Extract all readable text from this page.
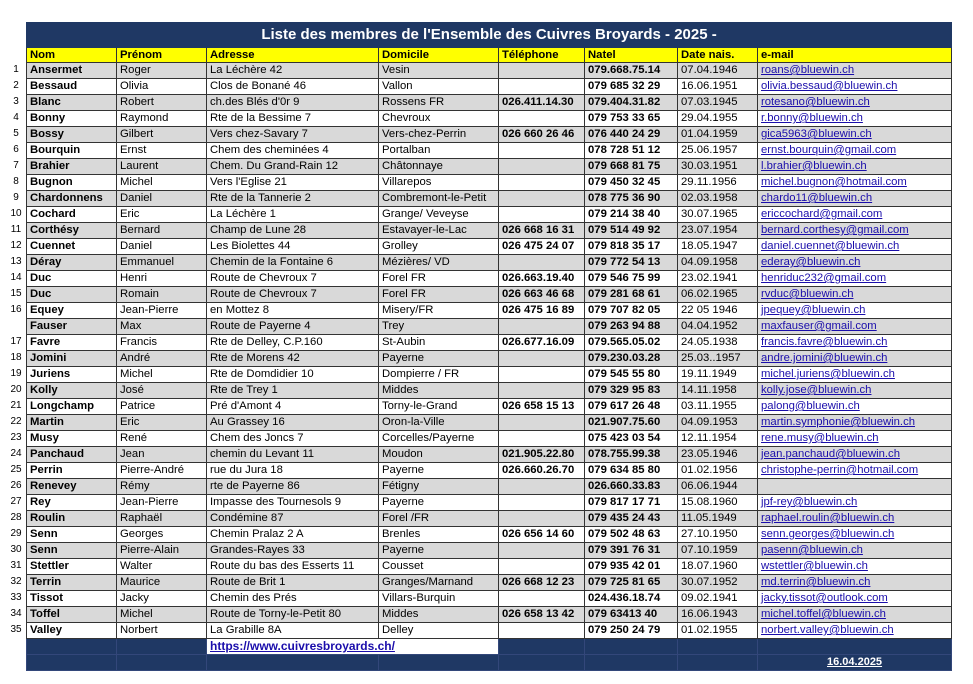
1
2
3
4
5
6
7
8
9
10
11
12
13
14
15
16
17
18
19
20
21
22
23
24
25
26
27
28
29
30
31
32
33
34
35
Liste des membres de l'Ensemble des Cuivres Broyards - 2025 -							
Nom	Prénom	Adresse	Domicile	Téléphone	Natel	Date nais.	e-mail
Ansermet	Roger	La Léchère 42	Vesin		079.668.75.14	07.04.1946	roans@bluewin.ch
Bessaud	Olivia	Clos de Bonané 46	Vallon		079 685 32 29	16.06.1951	olivia.bessaud@bluewin.ch
Blanc	Robert	ch.des Blés d'0r 9	Rossens FR	026.411.14.30	079.404.31.82	07.03.1945	rotesano@bluewin.ch
Bonny	Raymond	Rte de la Bessime 7	Chevroux		079 753 33 65	29.04.1955	r.bonny@bluewin.ch
Bossy	Gilbert	Vers chez-Savary 7	Vers-chez-Perrin	026 660 26 46	076 440 24 29	01.04.1959	gica5963@bluewin.ch
Bourquin	Ernst	Chem des cheminées 4	Portalban		078 728 51 12	25.06.1957	ernst.bourquin@gmail.com
Brahier	Laurent	Chem. Du Grand-Rain 12	Châtonnaye		079 668 81 75	30.03.1951	l.brahier@bluewin.ch
Bugnon	Michel	Vers l'Eglise 21	Villarepos		079 450 32 45	29.11.1956	michel.bugnon@hotmail.com
Chardonnens	Daniel	Rte de la Tannerie 2	Combremont-le-Petit		078 775 36 90	02.03.1958	chardo11@bluewin.ch
Cochard	Eric	La Léchère 1	Grange/ Veveyse		079 214 38 40	30.07.1965	ericcochard@gmail.com
Corthésy	Bernard	Champ de Lune 28	Estavayer-le-Lac	026 668 16 31	079 514 49 92	23.07.1954	bernard.corthesy@gmail.com
Cuennet	Daniel	Les Biolettes 44	Grolley	026 475 24 07	079 818 35 17	18.05.1947	daniel.cuennet@bluewin.ch
Déray	Emmanuel	Chemin de la Fontaine 6	Mézières/ VD		079 772 54 13	04.09.1958	ederay@bluewin.ch
Duc	Henri	Route de Chevroux 7	Forel FR	026.663.19.40	079 546 75 99	23.02.1941	henriduc232@gmail.com
Duc	Romain	Route de Chevroux 7	Forel FR	026 663 46 68	079 281 68 61	06.02.1965	rvduc@bluewin.ch
Equey	Jean-Pierre	en Mottez 8	Misery/FR	026 475 16 89	079 707 82 05	22 05 1946	jpequey@bluewin.ch
Fauser	Max	Route de Payerne 4	Trey		079 263 94 88	04.04.1952	maxfauser@gmail.com
Favre	Francis	Rte de Delley, C.P.160	St-Aubin	026.677.16.09	079.565.05.02	24.05.1938	francis.favre@bluewin.ch
Jomini	André	Rte de Morens 42	Payerne		079.230.03.28	25.03..1957	andre.jomini@bluewin.ch
Juriens	Michel	Rte de Domdidier 10	Dompierre / FR		079 545 55 80	19.11.1949	michel.juriens@bluewin.ch
Kolly	José	Rte de Trey 1	Middes		079 329 95 83	14.11.1958	kolly.jose@bluewin.ch
Longchamp	Patrice	Pré d'Amont 4	Torny-le-Grand	026 658 15 13	079 617 26 48	03.11.1955	palong@bluewin.ch
Martin	Eric	Au Grassey 16	Oron-la-Ville		021.907.75.60	04.09.1953	martin.symphonie@bluewin.ch
Musy	René	Chem des Joncs 7	Corcelles/Payerne		075 423 03 54	12.11.1954	rene.musy@bluewin.ch
Panchaud	Jean	chemin du Levant 11	Moudon	021.905.22.80	078.755.99.38	23.05.1946	jean.panchaud@bluewin.ch
Perrin	Pierre-André	rue du Jura 18	Payerne	026.660.26.70	079 634 85 80	01.02.1956	christophe-perrin@hotmail.com
Renevey	Rémy	rte de Payerne 86	Fétigny		026.660.33.83	06.06.1944	
Rey	Jean-Pierre	Impasse des Tournesols 9	Payerne		079 817 17 71	15.08.1960	jpf-rey@bluewin.ch
Roulin	Raphaël	Condémine 87	Forel /FR		079 435 24 43	11.05.1949	raphael.roulin@bluewin.ch
Senn	Georges	Chemin Pralaz 2 A	Brenles	026 656 14 60	079 502 48 63	27.10.1950	senn.georges@bluewin.ch
Senn	Pierre-Alain	Grandes-Rayes 33	Payerne		079 391 76 31	07.10.1959	pasenn@bluewin.ch
Stettler	Walter	Route du bas des Esserts 11	Cousset		079 935 42 01	18.07.1960	wstettler@bluewin.ch
Terrin	Maurice	Route de Brit 1	Granges/Marnand	026 668 12 23	079 725 81 65	30.07.1952	md.terrin@bluewin.ch
Tissot	Jacky	Chemin des Prés	Villars-Burquin		024.436.18.74	09.02.1941	jacky.tissot@outlook.com
Toffel	Michel	Route de Torny-le-Petit 80	Middes	026 658 13 42	079 63413 40	16.06.1943	michel.toffel@bluewin.ch
Valley	Norbert	La Grabille 8A	Delley		079 250 24 79	01.02.1955	norbert.valley@bluewin.ch
		https://www.cuivresbroyards.ch/					
							16.04.2025
